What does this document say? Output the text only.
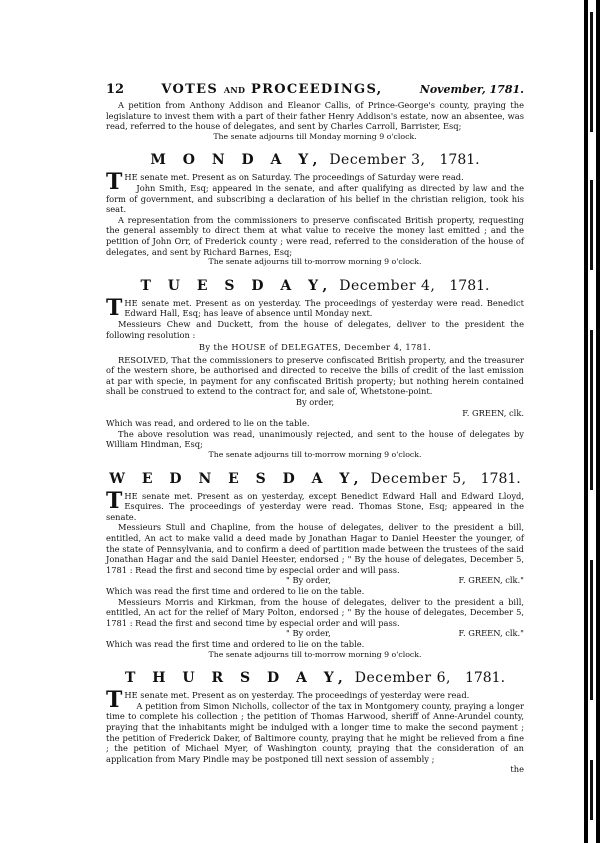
12	VOTES AND PROCEEDINGS,	November, 1781.

A petition from Anthony Addison and Eleanor Callis, of Prince-George's county, praying the legislature to invest them with a part of their father Henry Addison's estate, now an absentee, was read, referred to the house of delegates, and sent by Charles Carroll, Barrister, Esq;

The senate adjourns till Monday morning 9 o'clock.

M O N D A Y, December 3, 1781.

THE senate met. Present as on Saturday. The proceedings of Saturday were read.

John Smith, Esq; appeared in the senate, and after qualifying as directed by law and the form of government, and subscribing a declaration of his belief in the christian religion, took his seat.

A representation from the commissioners to preserve confiscated British property, requesting the general assembly to direct them at what value to receive the money last emitted ; and the petition of John Orr, of Frederick county ; were read, referred to the consideration of the house of delegates, and sent by Richard Barnes, Esq;

The senate adjourns till to-morrow morning 9 o'clock.

T U E S D A Y, December 4, 1781.

THE senate met. Present as on yesterday. The proceedings of yesterday were read. Benedict Edward Hall, Esq; has leave of absence until Monday next.

Messieurs Chew and Duckett, from the house of delegates, deliver to the president the following resolution :

By the HOUSE of DELEGATES, December 4, 1781.

RESOLVED, That the commissioners to preserve confiscated British property, and the treasurer of the western shore, be authorised and directed to receive the bills of credit of the last emission at par with specie, in payment for any confiscated British property; but nothing herein contained shall be construed to extend to the contract for, and sale of, Whetstone-point.

By order,

F. GREEN, clk.

Which was read, and ordered to lie on the table.

The above resolution was read, unanimously rejected, and sent to the house of delegates by William Hindman, Esq;

The senate adjourns till to-morrow morning 9 o'clock.

W E D N E S D A Y, December 5, 1781.

THE senate met. Present as on yesterday, except Benedict Edward Hall and Edward Lloyd, Esquires. The proceedings of yesterday were read. Thomas Stone, Esq; appeared in the senate.

Messieurs Stull and Chapline, from the house of delegates, deliver to the president a bill, entitled, An act to make valid a deed made by Jonathan Hagar to Daniel Heester the younger, of the state of Pennsylvania, and to confirm a deed of partition made between the trustees of the said Jonathan Hagar and the said Daniel Heester, endorsed ; " By the house of delegates, December 5, 1781 : Read the first and second time by especial order and will pass.

" By order,	F. GREEN, clk."

Which was read the first time and ordered to lie on the table.

Messieurs Morris and Kirkman, from the house of delegates, deliver to the president a bill, entitled, An act for the relief of Mary Polton, endorsed ; " By the house of delegates, December 5, 1781 : Read the first and second time by especial order and will pass.

" By order,	F. GREEN, clk."

Which was read the first time and ordered to lie on the table.

The senate adjourns till to-morrow morning 9 o'clock.

T H U R S D A Y, December 6, 1781.

THE senate met. Present as on yesterday. The proceedings of yesterday were read.

A petition from Simon Nicholls, collector of the tax in Montgomery county, praying a longer time to complete his collection ; the petition of Thomas Harwood, sheriff of Anne-Arundel county, praying that the inhabitants might be indulged with a longer time to make the second payment ; the petition of Frederick Daker, of Baltimore county, praying that he might be relieved from a fine ; the petition of Michael Myer, of Washington county, praying that the consideration of an application from Mary Pindle may be postponed till next session of assembly ;

the
